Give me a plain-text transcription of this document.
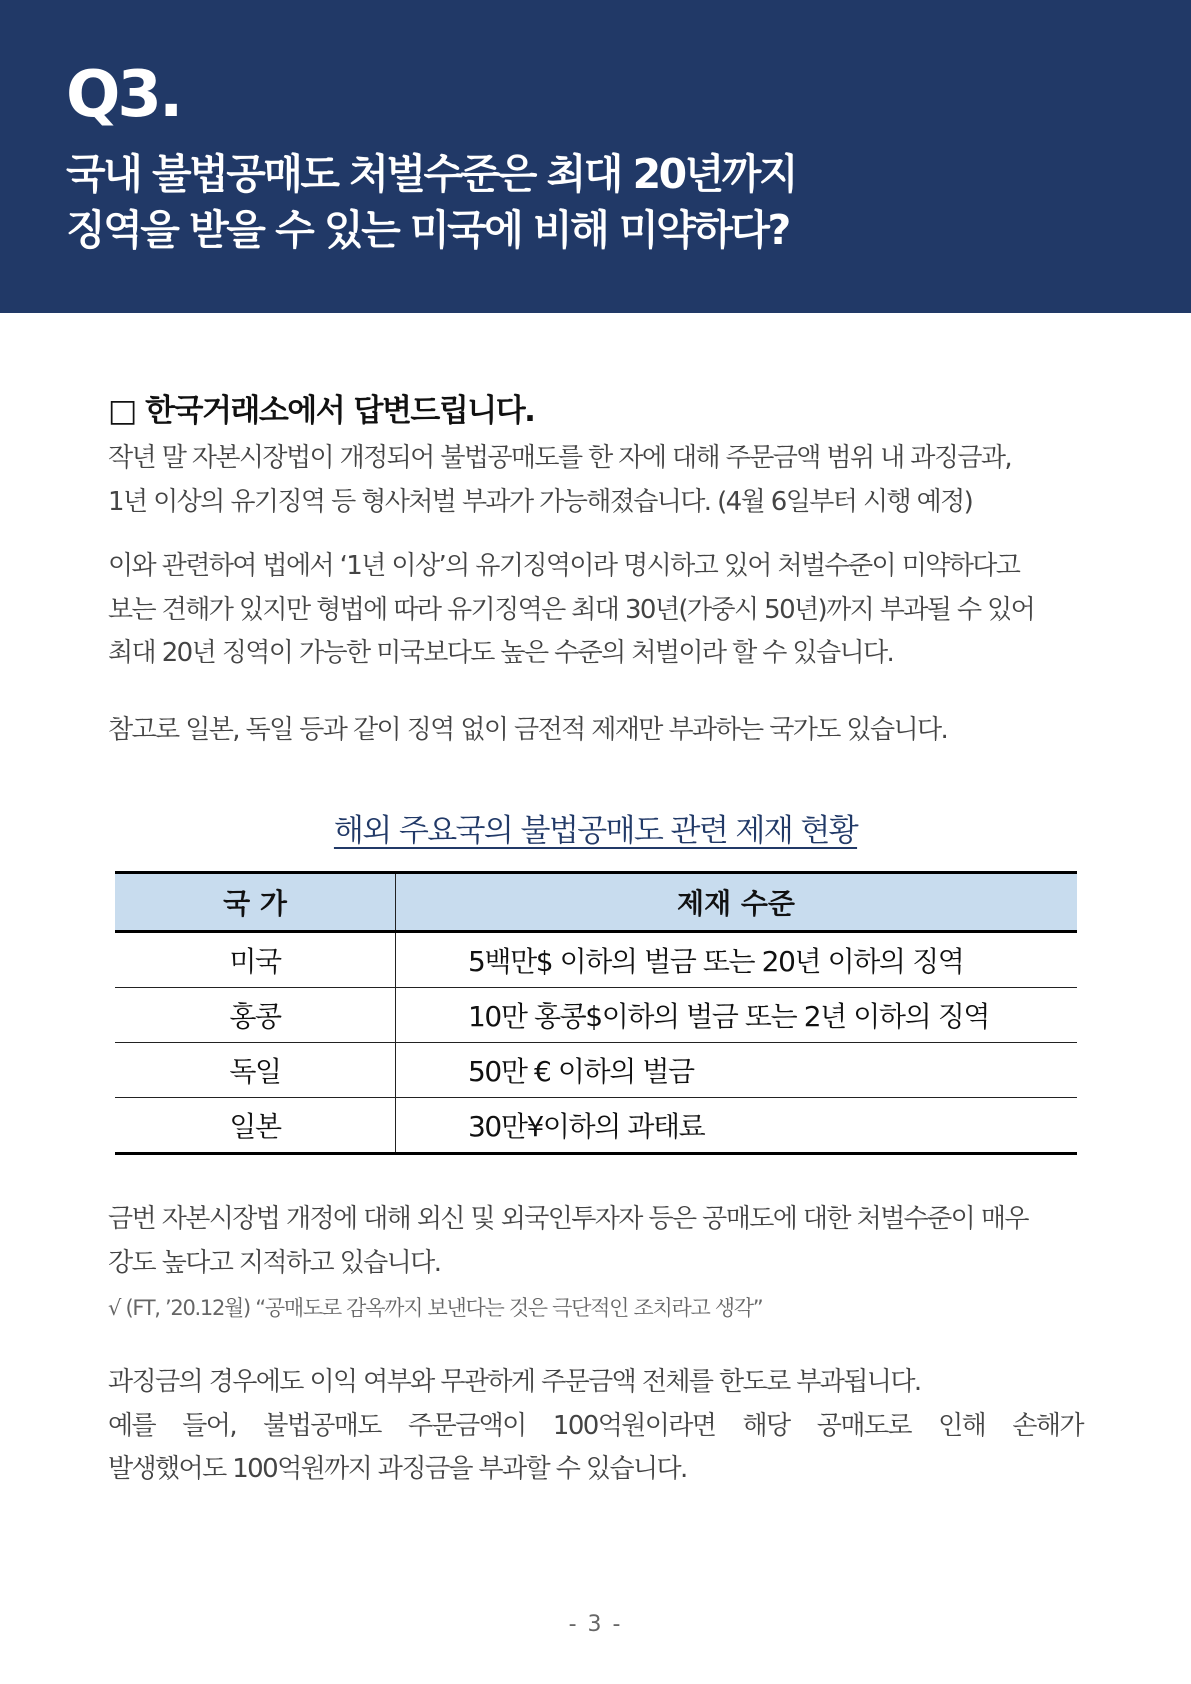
Q3.
국내 불법공매도 처벌수준은 최대 20년까지
징역을 받을 수 있는 미국에 비해 미약하다?
□ 한국거래소에서 답변드립니다.
작년 말 자본시장법이 개정되어 불법공매도를 한 자에 대해 주문금액 범위 내 과징금과,
1년 이상의 유기징역 등 형사처벌 부과가 가능해졌습니다. (4월 6일부터 시행 예정)
이와 관련하여 법에서 ‘1년 이상’의 유기징역이라 명시하고 있어 처벌수준이 미약하다고
보는 견해가 있지만 형법에 따라 유기징역은 최대 30년(가중시 50년)까지 부과될 수 있어
최대 20년 징역이 가능한 미국보다도 높은 수준의 처벌이라 할 수 있습니다.
참고로 일본, 독일 등과 같이 징역 없이 금전적 제재만 부과하는 국가도 있습니다.
해외 주요국의 불법공매도 관련 제재 현황
국 가	제재 수준
미국	5백만$ 이하의 벌금 또는 20년 이하의 징역
홍콩	10만 홍콩$이하의 벌금 또는 2년 이하의 징역
독일	50만 € 이하의 벌금
일본	30만¥이하의 과태료
금번 자본시장법 개정에 대해 외신 및 외국인투자자 등은 공매도에 대한 처벌수준이 매우
강도 높다고 지적하고 있습니다.
√ (FT, ’20.12월) “공매도로 감옥까지 보낸다는 것은 극단적인 조치라고 생각”
과징금의 경우에도 이익 여부와 무관하게 주문금액 전체를 한도로 부과됩니다.
예를 들어, 불법공매도 주문금액이 100억원이라면 해당 공매도로 인해 손해가
발생했어도 100억원까지 과징금을 부과할 수 있습니다.
- 3 -
